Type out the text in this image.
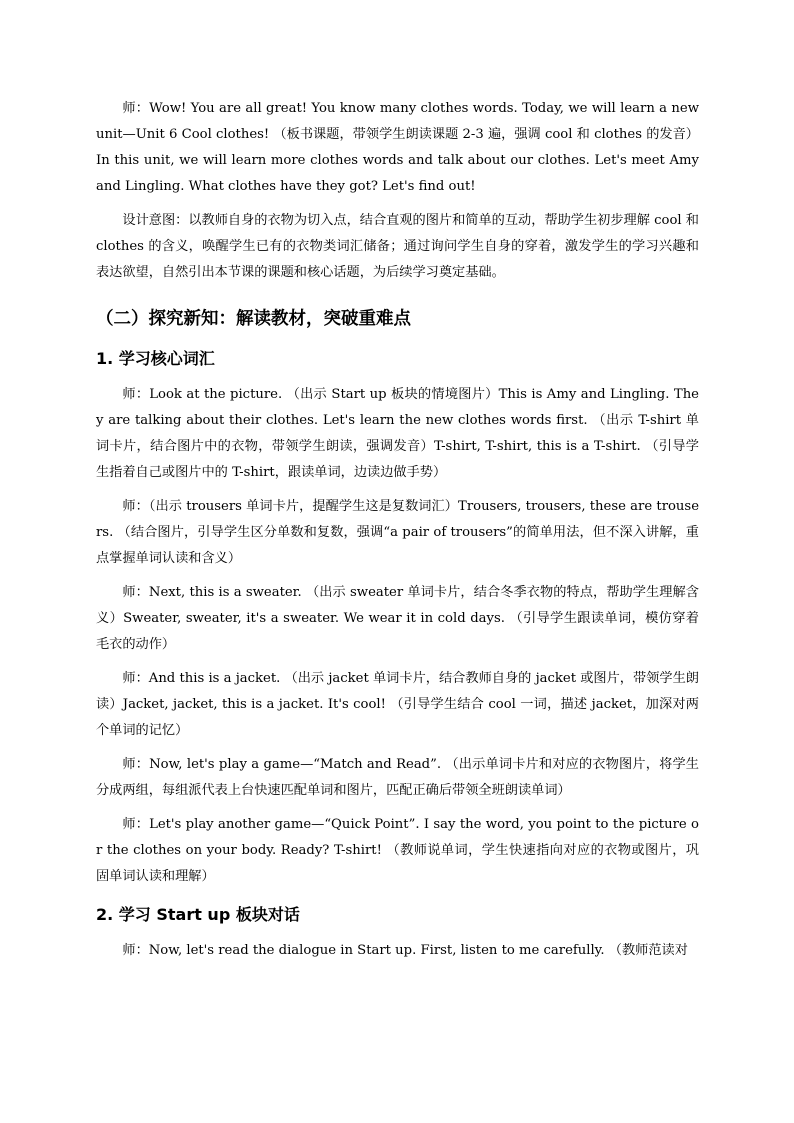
师：Wow! You are all great! You know many clothes words. Today, we will learn a new unit—Unit 6 Cool clothes! （板书课题，带领学生朗读课题 2-3 遍，强调 cool 和 clothes 的发音）In this unit, we will learn more clothes words and talk about our clothes. Let's meet Amy and Lingling. What clothes have they got? Let's find out!

设计意图：以教师自身的衣物为切入点，结合直观的图片和简单的互动，帮助学生初步理解 cool 和 clothes 的含义，唤醒学生已有的衣物类词汇储备；通过询问学生自身的穿着，激发学生的学习兴趣和表达欲望，自然引出本节课的课题和核心话题，为后续学习奠定基础。

（二）探究新知：解读教材，突破重难点
1. 学习核心词汇

师：Look at the picture. （出示 Start up 板块的情境图片）This is Amy and Lingling. They are talking about their clothes. Let's learn the new clothes words first. （出示 T-shirt 单词卡片，结合图片中的衣物，带领学生朗读，强调发音）T-shirt, T-shirt, this is a T-shirt. （引导学生指着自己或图片中的 T-shirt，跟读单词，边读边做手势）

师：（出示 trousers 单词卡片，提醒学生这是复数词汇）Trousers, trousers, these are trousers. （结合图片，引导学生区分单数和复数，强调“a pair of trousers”的简单用法，但不深入讲解，重点掌握单词认读和含义）

师：Next, this is a sweater. （出示 sweater 单词卡片，结合冬季衣物的特点，帮助学生理解含义）Sweater, sweater, it's a sweater. We wear it in cold days. （引导学生跟读单词，模仿穿着毛衣的动作）

师：And this is a jacket. （出示 jacket 单词卡片，结合教师自身的 jacket 或图片，带领学生朗读）Jacket, jacket, this is a jacket. It's cool! （引导学生结合 cool 一词，描述 jacket，加深对两个单词的记忆）

师：Now, let's play a game—“Match and Read”. （出示单词卡片和对应的衣物图片，将学生分成两组，每组派代表上台快速匹配单词和图片，匹配正确后带领全班朗读单词）

师：Let's play another game—“Quick Point”. I say the word, you point to the picture or the clothes on your body. Ready? T-shirt! （教师说单词，学生快速指向对应的衣物或图片，巩固单词认读和理解）

2. 学习 Start up 板块对话

师：Now, let's read the dialogue in Start up. First, listen to me carefully. （教师范读对
